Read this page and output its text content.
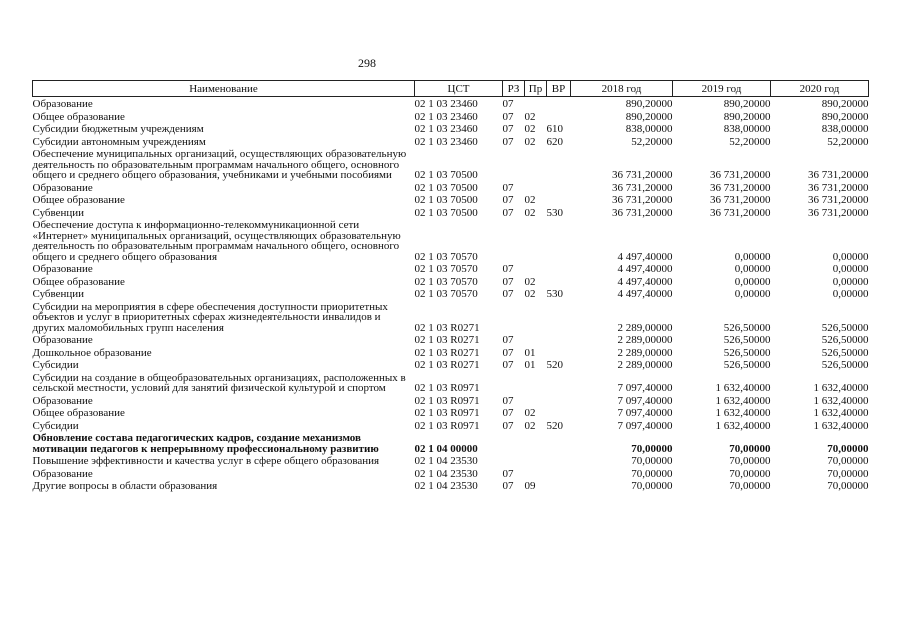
298
Наименование	ЦСТ	РЗ	Пр	ВР	2018 год	2019 год	2020 год
Образование	02 1 03 23460	07			890,20000	890,20000	890,20000
Общее образование	02 1 03 23460	07	02		890,20000	890,20000	890,20000
Субсидии бюджетным учреждениям	02 1 03 23460	07	02	610	838,00000	838,00000	838,00000
Субсидии автономным учреждениям	02 1 03 23460	07	02	620	52,20000	52,20000	52,20000
Обеспечение муниципальных организаций, осуществляющих образовательную деятельность по образовательным программам начального общего, основного общего и среднего общего образования, учебниками и учебными пособиями	02 1 03 70500				36 731,20000	36 731,20000	36 731,20000
Образование	02 1 03 70500	07			36 731,20000	36 731,20000	36 731,20000
Общее образование	02 1 03 70500	07	02		36 731,20000	36 731,20000	36 731,20000
Субвенции	02 1 03 70500	07	02	530	36 731,20000	36 731,20000	36 731,20000
Обеспечение доступа к информационно-телекоммуникационной сети «Интернет» муниципальных организаций, осуществляющих образовательную деятельность по образовательным программам начального общего, основного общего и среднего общего образования	02 1 03 70570				4 497,40000	0,00000	0,00000
Образование	02 1 03 70570	07			4 497,40000	0,00000	0,00000
Общее образование	02 1 03 70570	07	02		4 497,40000	0,00000	0,00000
Субвенции	02 1 03 70570	07	02	530	4 497,40000	0,00000	0,00000
Субсидии на мероприятия в сфере обеспечения доступности приоритетных объектов и услуг в приоритетных сферах жизнедеятельности инвалидов и других маломобильных групп населения	02 1 03 R0271				2 289,00000	526,50000	526,50000
Образование	02 1 03 R0271	07			2 289,00000	526,50000	526,50000
Дошкольное образование	02 1 03 R0271	07	01		2 289,00000	526,50000	526,50000
Субсидии	02 1 03 R0271	07	01	520	2 289,00000	526,50000	526,50000
Субсидии на создание в общеобразовательных организациях, расположенных в сельской местности, условий для занятий физической культурой и спортом	02 1 03 R0971				7 097,40000	1 632,40000	1 632,40000
Образование	02 1 03 R0971	07			7 097,40000	1 632,40000	1 632,40000
Общее образование	02 1 03 R0971	07	02		7 097,40000	1 632,40000	1 632,40000
Субсидии	02 1 03 R0971	07	02	520	7 097,40000	1 632,40000	1 632,40000
Обновление состава педагогических кадров, создание механизмов мотивации педагогов к непрерывному профессиональному развитию	02 1 04 00000				70,00000	70,00000	70,00000
Повышение эффективности и качества услуг в сфере общего образования	02 1 04 23530				70,00000	70,00000	70,00000
Образование	02 1 04 23530	07			70,00000	70,00000	70,00000
Другие вопросы в области образования	02 1 04 23530	07	09		70,00000	70,00000	70,00000
